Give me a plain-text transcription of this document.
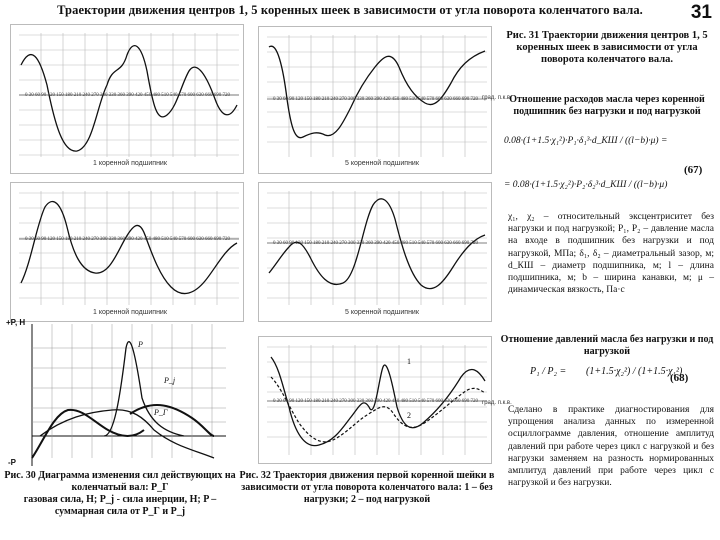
Траектории движения центров 1, 5 коренных шеек в зависимости от угла поворота коленчатого вала.	31
0 30 60 90 120 150 180 210 240 270 300 330 360 390 420 450 480 510 540 570 600 630 660 690 720
1 коренной подшипник
0 30 60 90 120 150 180 210 240 270 300 330 360 390 420 450 480 510 540 570 600 630 660 690 720
5 коренной подшипник
град. п.к.в.
0 30 60 90 120 150 180 210 240 270 300 330 360 390 420 450 480 510 540 570 600 630 660 690 720
1 коренной подшипник
0 30 60 90 120 150 180 210 240 270 300 330 360 390 420 450 480 510 540 570 600 630 660 690 720
5 коренной подшипник
+P, Н
-P
P
P_j
P_Г
Рис. 30 Диаграмма изменения сил действующих на коленчатый вал: P_Г
газовая сила, Н; P_j - сила инерции, Н; P –
суммарная сила от P_Г и P_j
0 30 60 90 120 150 180 210 240 270 300 330 360 390 420 450 480 510 540 570 600 630 660 690 720
1
2
град. п.к.в.
Рис. 32 Траектория движения первой коренной шейки в зависимости от угла поворота коленчатого вала: 1 – без нагрузки; 2 – под нагрузкой
Рис. 31 Траектории движения центров 1, 5 коренных шеек в зависимости от угла поворота коленчатого вала.
Отношение расходов масла через коренной подшипник без нагрузки и под нагрузкой
0.08·(1+1.5·χ₁²)·P₁·δ₁³·d_КШ / ((l−b)·μ) =
(67)
= 0.08·(1+1.5·χ₂²)·P₂·δ₂³·d_КШ / ((l−b)·μ)
χ₁, χ₂ – относительный эксцентриситет без нагрузки и под нагрузкой; P₁, P₂ – давление масла на входе в подшипник без нагрузки и под нагрузкой, МПа; δ₁, δ₂ – диаметральный зазор, м; d_КШ – диаметр подшипника, м; l – длина подшипника, м; b – ширина канавки, м; μ – динамическая вязкость, Па·с
Отношение давлений масла без нагрузки и под нагрузкой
P₁ / P₂ = (1+1.5·χ₂²) / (1+1.5·χ₁²)
(68)
Сделано в практике диагностирования для упрощения анализа данных по измеренной осциллограмме давления, отношение амплитуд давлений при работе через цикл с нагрузкой и без нагрузки заменяем на разность нормированных амплитуд давлений при работе через цикл с нагрузкой и без нагрузки.
